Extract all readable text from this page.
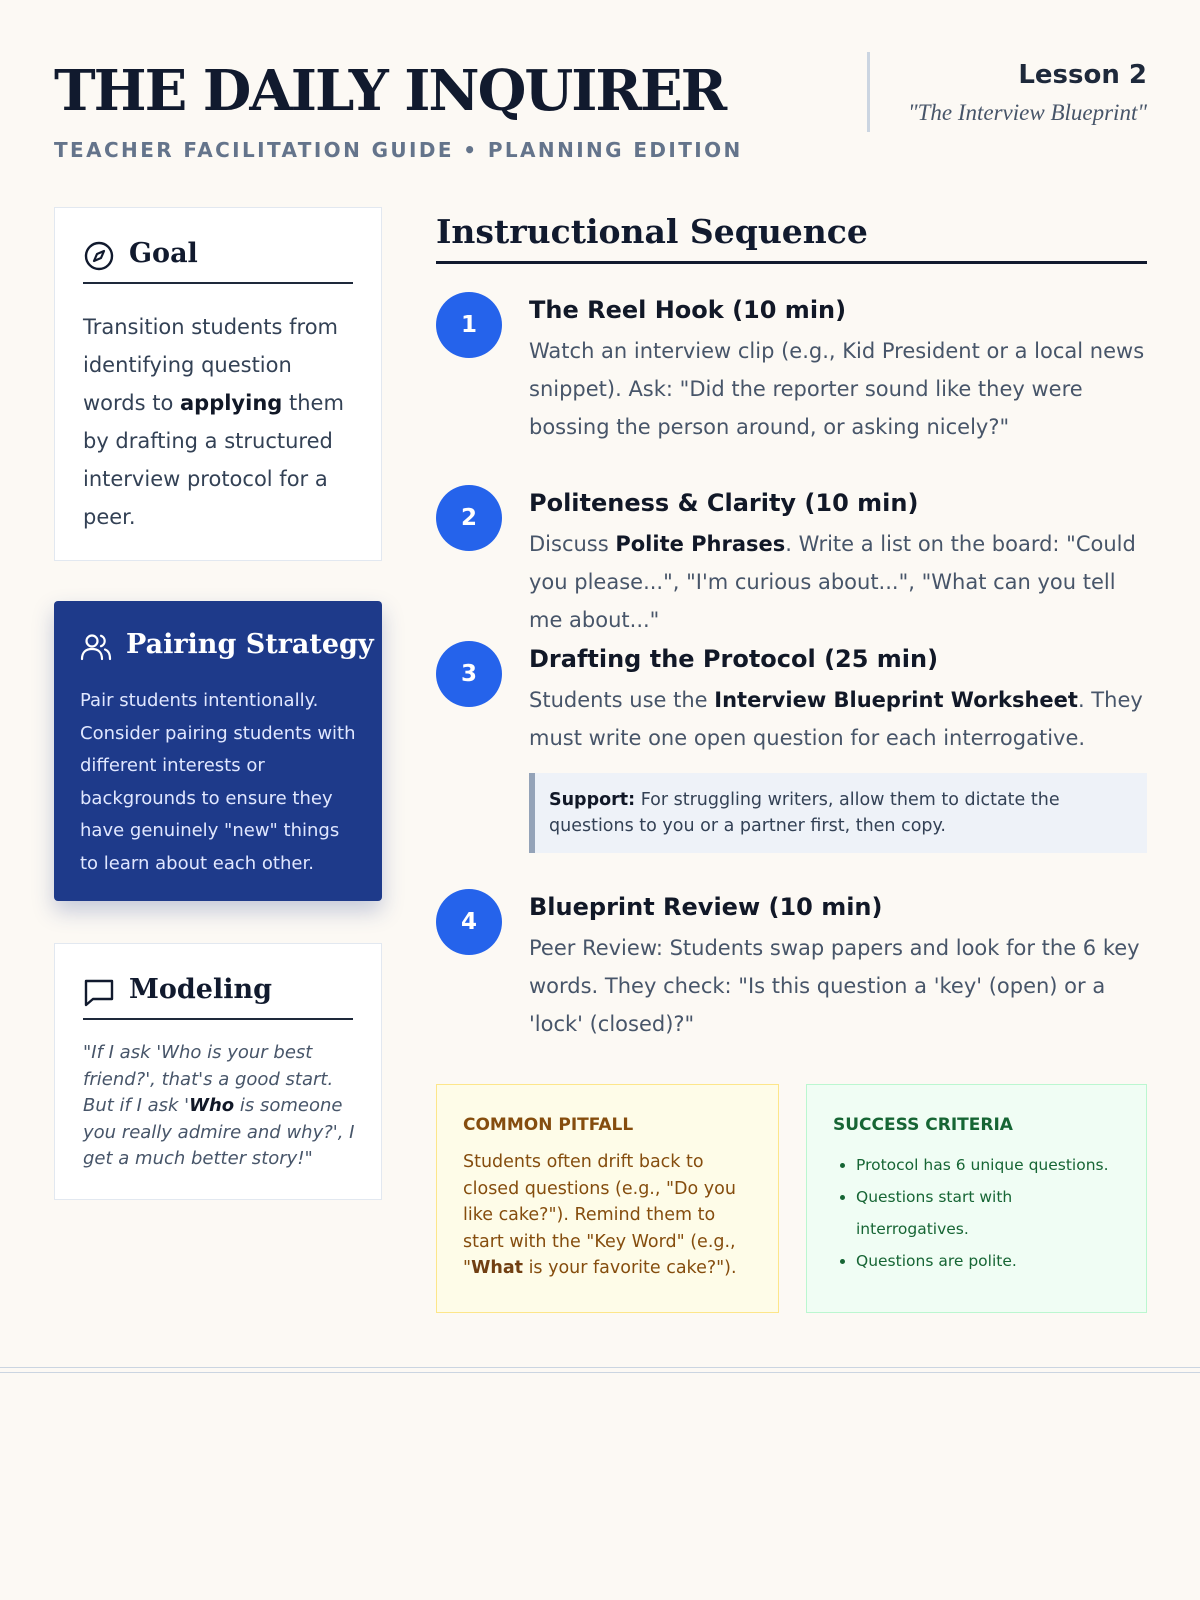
THE DAILY INQUIRER
TEACHER FACILITATION GUIDE • PLANNING EDITION
Lesson 2
"The Interview Blueprint"
Goal

Transition students from identifying question words to applying them by drafting a structured interview protocol for a peer.

Pairing Strategy

Pair students intentionally. Consider pairing students with different interests or backgrounds to ensure they have genuinely "new" things to learn about each other.

Modeling

"If I ask 'Who is your best friend?', that's a good start. But if I ask 'Who is someone you really admire and why?', I get a much better story!"

Instructional Sequence
1
The Reel Hook (10 min)

Watch an interview clip (e.g., Kid President or a local news snippet). Ask: "Did the reporter sound like they were bossing the person around, or asking nicely?"

2
Politeness & Clarity (10 min)

Discuss Polite Phrases. Write a list on the board: "Could you please...", "I'm curious about...", "What can you tell me about..."

3
Drafting the Protocol (25 min)

Students use the Interview Blueprint Worksheet. They must write one open question for each interrogative.

Support: For struggling writers, allow them to dictate the questions to you or a partner first, then copy.
4
Blueprint Review (10 min)

Peer Review: Students swap papers and look for the 6 key words. They check: "Is this question a 'key' (open) or a 'lock' (closed)?"

COMMON PITFALL

Students often drift back to closed questions (e.g., "Do you like cake?"). Remind them to start with the "Key Word" (e.g., "What is your favorite cake?").

SUCCESS CRITERIA
• Protocol has 6 unique questions.
• Questions start with interrogatives.
• Questions are polite.
